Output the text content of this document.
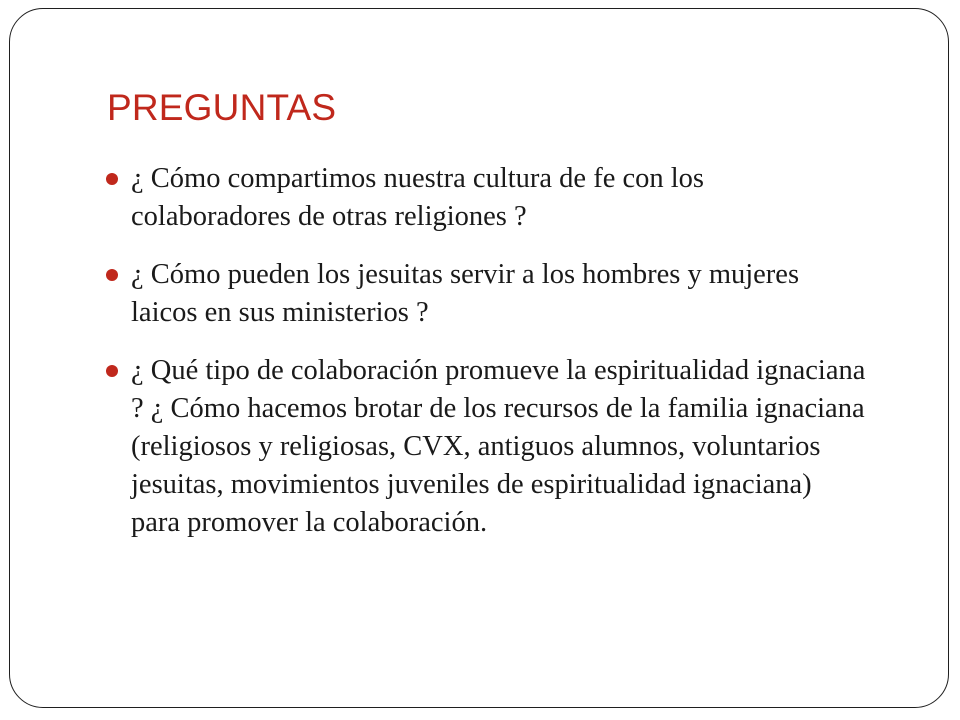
PREGUNTAS
¿ Cómo compartimos nuestra cultura de fe con los colaboradores de otras religiones ?
¿ Cómo pueden los jesuitas servir a los hombres y mujeres laicos en sus ministerios ?
¿ Qué tipo de colaboración promueve la espiritualidad ignaciana ? ¿ Cómo hacemos brotar de los recursos de la familia ignaciana (religiosos y religiosas, CVX, antiguos alumnos, voluntarios jesuitas, movimientos juveniles de espiritualidad ignaciana) para promover la colaboración.
